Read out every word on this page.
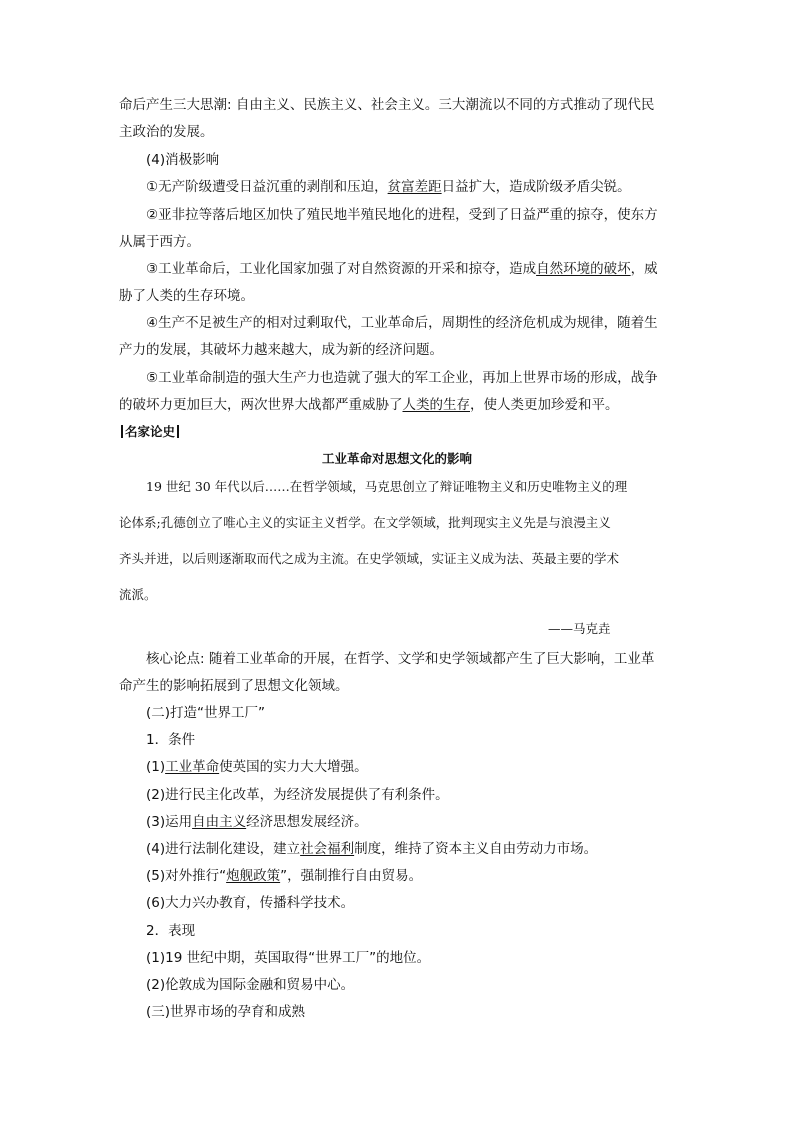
命后产生三大思潮: 自由主义、民族主义、社会主义。三大潮流以不同的方式推动了现代民
主政治的发展。
(4)消极影响
①无产阶级遭受日益沉重的剥削和压迫，贫富差距日益扩大，造成阶级矛盾尖锐。
②亚非拉等落后地区加快了殖民地半殖民地化的进程，受到了日益严重的掠夺，使东方
从属于西方。
③工业革命后，工业化国家加强了对自然资源的开采和掠夺，造成自然环境的破坏，威
胁了人类的生存环境。
④生产不足被生产的相对过剩取代，工业革命后，周期性的经济危机成为规律，随着生
产力的发展，其破坏力越来越大，成为新的经济问题。
⑤工业革命制造的强大生产力也造就了强大的军工企业，再加上世界市场的形成，战争
的破坏力更加巨大，两次世界大战都严重威胁了人类的生存，使人类更加珍爱和平。
名家论史
工业革命对思想文化的影响
19 世纪 30 年代以后……在哲学领域，马克思创立了辩证唯物主义和历史唯物主义的理
论体系;孔德创立了唯心主义的实证主义哲学。在文学领域，批判现实主义先是与浪漫主义
齐头并进，以后则逐渐取而代之成为主流。在史学领域，实证主义成为法、英最主要的学术
流派。
——马克垚
核心论点: 随着工业革命的开展，在哲学、文学和史学领域都产生了巨大影响，工业革
命产生的影响拓展到了思想文化领域。
(二)打造“世界工厂”
1．条件
(1)工业革命使英国的实力大大增强。
(2)进行民主化改革，为经济发展提供了有利条件。
(3)运用自由主义经济思想发展经济。
(4)进行法制化建设，建立社会福利制度，维持了资本主义自由劳动力市场。
(5)对外推行“炮舰政策”，强制推行自由贸易。
(6)大力兴办教育，传播科学技术。
2．表现
(1)19 世纪中期，英国取得“世界工厂”的地位。
(2)伦敦成为国际金融和贸易中心。
(三)世界市场的孕育和成熟
